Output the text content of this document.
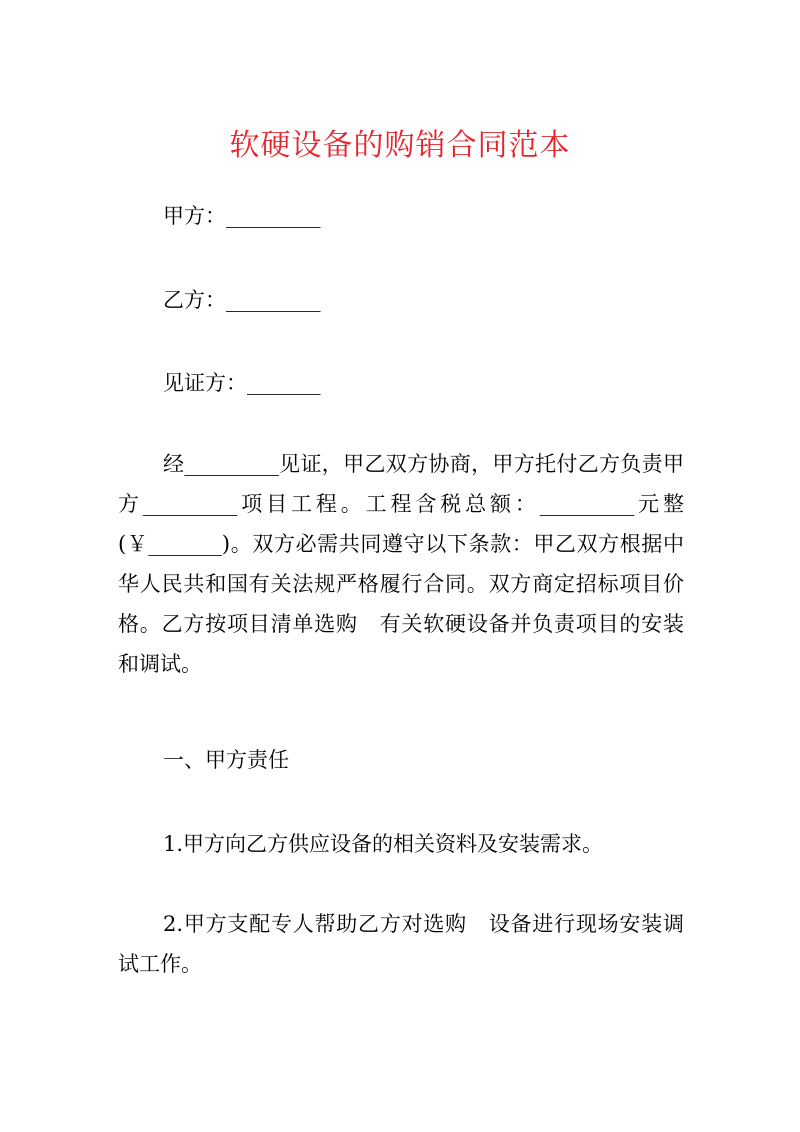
软硬设备的购销合同范本
甲方：_________
乙方：_________
见证方：_______
经_________见证，甲乙双方协商，甲方托付乙方负责甲方_________项目工程。工程含税总额：_________元整(￥_______)。双方必需共同遵守以下条款：甲乙双方根据中华人民共和国有关法规严格履行合同。双方商定招标项目价格。乙方按项目清单选购　有关软硬设备并负责项目的安装和调试。
一、甲方责任
1.甲方向乙方供应设备的相关资料及安装需求。
2.甲方支配专人帮助乙方对选购　设备进行现场安装调试工作。
